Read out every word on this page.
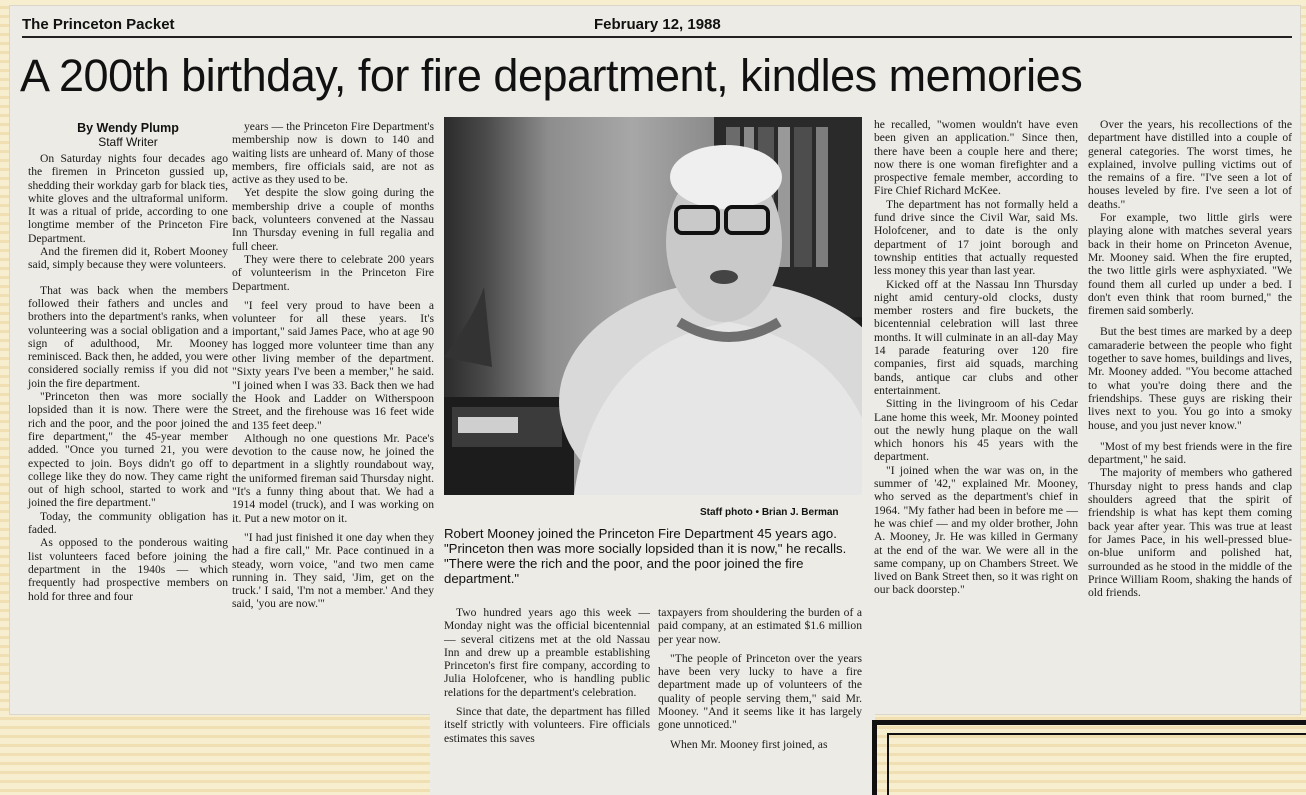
The Princeton Packet	February 12, 1988
A 200th birthday, for fire department, kindles memories
By Wendy Plump
Staff Writer

On Saturday nights four decades ago the firemen in Princeton gussied up, shedding their workday garb for black ties, white gloves and the ultraformal uniform. It was a ritual of pride, according to one longtime member of the Princeton Fire Department.

And the firemen did it, Robert Mooney said, simply because they were volunteers.

That was back when the members followed their fathers and uncles and brothers into the department's ranks, when volunteering was a social obligation and a sign of adulthood, Mr. Mooney reminisced. Back then, he added, you were considered socially remiss if you did not join the fire department.

"Princeton then was more socially lopsided than it is now. There were the rich and the poor, and the poor joined the fire department," the 45-year member added. "Once you turned 21, you were expected to join. Boys didn't go off to college like they do now. They came right out of high school, started to work and joined the fire department."

Today, the community obligation has faded.

As opposed to the ponderous waiting list volunteers faced before joining the department in the 1940s — which frequently had prospective members on hold for three and four

years — the Princeton Fire Department's membership now is down to 140 and waiting lists are unheard of. Many of those members, fire officials said, are not as active as they used to be.

Yet despite the slow going during the membership drive a couple of months back, volunteers convened at the Nassau Inn Thursday evening in full regalia and full cheer.

They were there to celebrate 200 years of volunteerism in the Princeton Fire Department.

"I feel very proud to have been a volunteer for all these years. It's important," said James Pace, who at age 90 has logged more volunteer time than any other living member of the department. "Sixty years I've been a member," he said. "I joined when I was 33. Back then we had the Hook and Ladder on Witherspoon Street, and the firehouse was 16 feet wide and 135 feet deep."

Although no one questions Mr. Pace's devotion to the cause now, he joined the department in a slightly roundabout way, the uniformed fireman said Thursday night. "It's a funny thing about that. We had a 1914 model (truck), and I was working on it. Put a new motor on it.

"I had just finished it one day when they had a fire call," Mr. Pace continued in a steady, worn voice, "and two men came running in. They said, 'Jim, get on the truck.' I said, 'I'm not a member.' And they said, 'you are now.'"

Staff photo • Brian J. Berman

Robert Mooney joined the Princeton Fire Department 45 years ago. "Princeton then was more socially lopsided than it is now," he recalls. "There were the rich and the poor, and the poor joined the fire department."

Two hundred years ago this week — Monday night was the official bicentennial — several citizens met at the old Nassau Inn and drew up a preamble establishing Princeton's first fire company, according to Julia Holofcener, who is handling public relations for the department's celebration.

Since that date, the department has filled itself strictly with volunteers. Fire officials estimates this saves

taxpayers from shouldering the burden of a paid company, at an estimated $1.6 million per year now.

"The people of Princeton over the years have been very lucky to have a fire department made up of volunteers of the quality of people serving them," said Mr. Mooney. "And it seems like it has largely gone unnoticed."

When Mr. Mooney first joined, as

he recalled, "women wouldn't have even been given an application." Since then, there have been a couple here and there; now there is one woman firefighter and a prospective female member, according to Fire Chief Richard McKee.

The department has not formally held a fund drive since the Civil War, said Ms. Holofcener, and to date is the only department of 17 joint borough and township entities that actually requested less money this year than last year.

Kicked off at the Nassau Inn Thursday night amid century-old clocks, dusty member rosters and fire buckets, the bicentennial celebration will last three months. It will culminate in an all-day May 14 parade featuring over 120 fire companies, first aid squads, marching bands, antique car clubs and other entertainment.

Sitting in the livingroom of his Cedar Lane home this week, Mr. Mooney pointed out the newly hung plaque on the wall which honors his 45 years with the department.

"I joined when the war was on, in the summer of '42," explained Mr. Mooney, who served as the department's chief in 1964. "My father had been in before me — he was chief — and my older brother, John A. Mooney, Jr. He was killed in Germany at the end of the war. We were all in the same company, up on Chambers Street. We lived on Bank Street then, so it was right on our back doorstep."

Over the years, his recollections of the department have distilled into a couple of general categories. The worst times, he explained, involve pulling victims out of the remains of a fire. "I've seen a lot of houses leveled by fire. I've seen a lot of deaths."

For example, two little girls were playing alone with matches several years back in their home on Princeton Avenue, Mr. Mooney said. When the fire erupted, the two little girls were asphyxiated. "We found them all curled up under a bed. I don't even think that room burned," the firemen said somberly.

But the best times are marked by a deep camaraderie between the people who fight together to save homes, buildings and lives, Mr. Mooney added. "You become attached to what you're doing there and the friendships. These guys are risking their lives next to you. You go into a smoky house, and you just never know."

"Most of my best friends were in the fire department," he said.

The majority of members who gathered Thursday night to press hands and clap shoulders agreed that the spirit of friendship is what has kept them coming back year after year. This was true at least for James Pace, in his well-pressed blue-on-blue uniform and polished hat, surrounded as he stood in the middle of the Prince William Room, shaking the hands of old friends.
